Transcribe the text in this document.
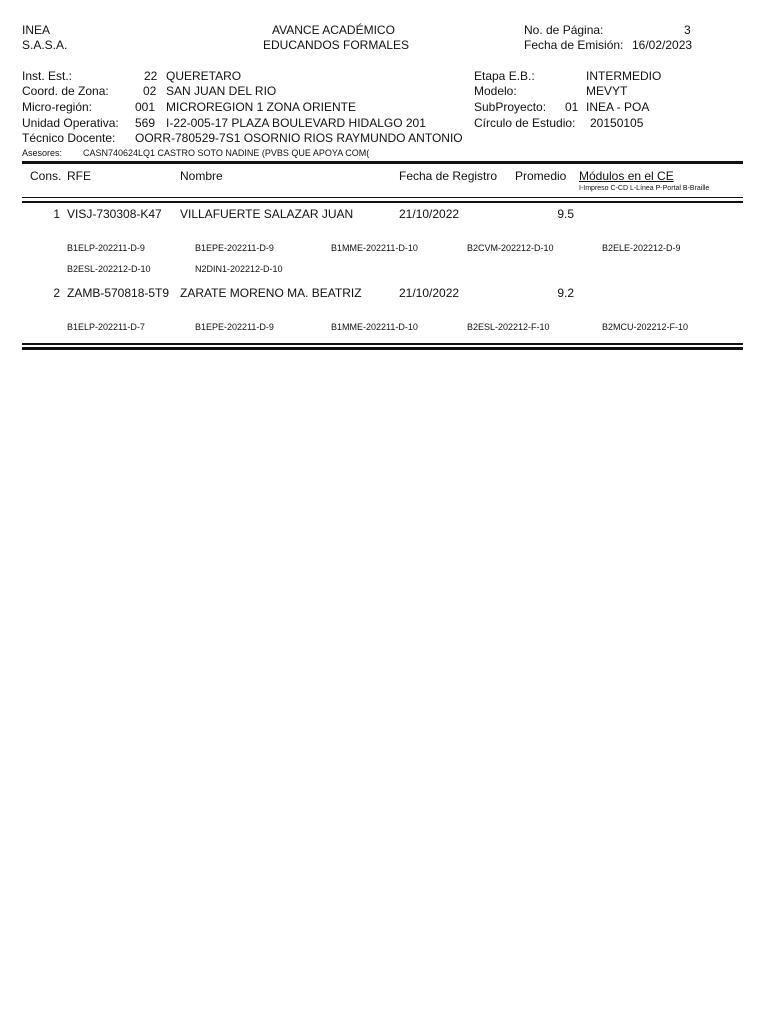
INEA
S.A.S.A.
AVANCE ACADÉMICO
EDUCANDOS FORMALES
No. de Página:	3
Fecha de Emisión: 16/02/2023
Inst. Est.:	22 QUERETARO
Coord. de Zona:	02 SAN JUAN DEL RIO
Micro-región:	001 MICROREGION 1 ZONA ORIENTE
Unidad Operativa: 569 I-22-005-17 PLAZA BOULEVARD HIDALGO 201
Técnico Docente: OORR-780529-7S1 OSORNIO RIOS RAYMUNDO ANTONIO
Asesores: CASN740624LQ1 CASTRO SOTO NADINE (PVBS QUE APOYA COM(
Etapa E.B.:	INTERMEDIO
Modelo:	MEVYT
SubProyecto: 01 INEA - POA
Círculo de Estudio: 20150105
Cons. RFE	Nombre	Fecha de Registro Promedio Módulos en el CE
I-Impreso C-CD L-Línea P-Portal B-Braille
1 VISJ-730308-K47 VILLAFUERTE SALAZAR JUAN	21/10/2022	9.5
B1ELP-202211-D-9	B1EPE-202211-D-9	B1MME-202211-D-10	B2CVM-202212-D-10	B2ELE-202212-D-9
B2ESL-202212-D-10	N2DIN1-202212-D-10
2 ZAMB-570818-5T9 ZARATE MORENO MA. BEATRIZ	21/10/2022	9.2
B1ELP-202211-D-7	B1EPE-202211-D-9	B1MME-202211-D-10	B2ESL-202212-F-10	B2MCU-202212-F-10
